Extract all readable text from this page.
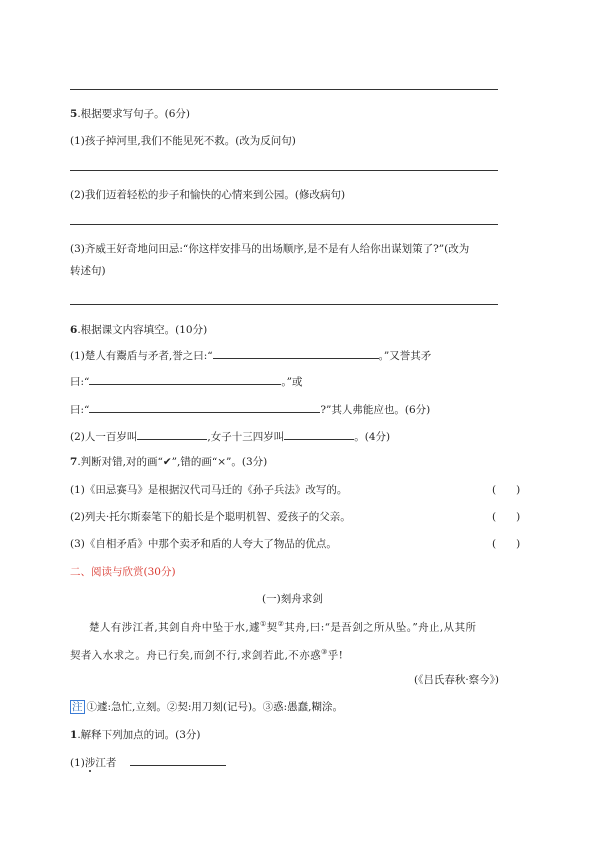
5.根据要求写句子。(6分)
(1)孩子掉河里,我们不能见死不救。(改为反问句)
(2)我们迈着轻松的步子和愉快的心情来到公园。(修改病句)
(3)齐威王好奇地问田忌:“你这样安排马的出场顺序,是不是有人给你出谋划策了?”(改为
转述句)
6.根据课文内容填空。(10分)
(1)楚人有鬻盾与矛者,誉之曰:“	。”又誉其矛
曰:“	。”或
曰:“	?”其人弗能应也。(6分)
(2)人一百岁叫	,女子十三四岁叫	。(4分)
7.判断对错,对的画“✔”,错的画“×”。(3分)
(1)《田忌赛马》是根据汉代司马迁的《孙子兵法》改写的。	(      )
(2)列夫·托尔斯泰笔下的船长是个聪明机智、爱孩子的父亲。	(      )
(3)《自相矛盾》中那个卖矛和盾的人夸大了物品的优点。	(      )
二、阅读与欣赏(30分)
(一)刻舟求剑
楚人有涉江者,其剑自舟中坠于水,遽①契②其舟,曰:“是吾剑之所从坠。”舟止,从其所
契者入水求之。舟已行矣,而剑不行,求剑若此,不亦惑③乎!
(《吕氏春秋·察今》)
注 ①遽:急忙,立刻。②契:用刀刻(记号)。③惑:愚蠢,糊涂。
1.解释下列加点的词。(3分)
(1)涉江者
